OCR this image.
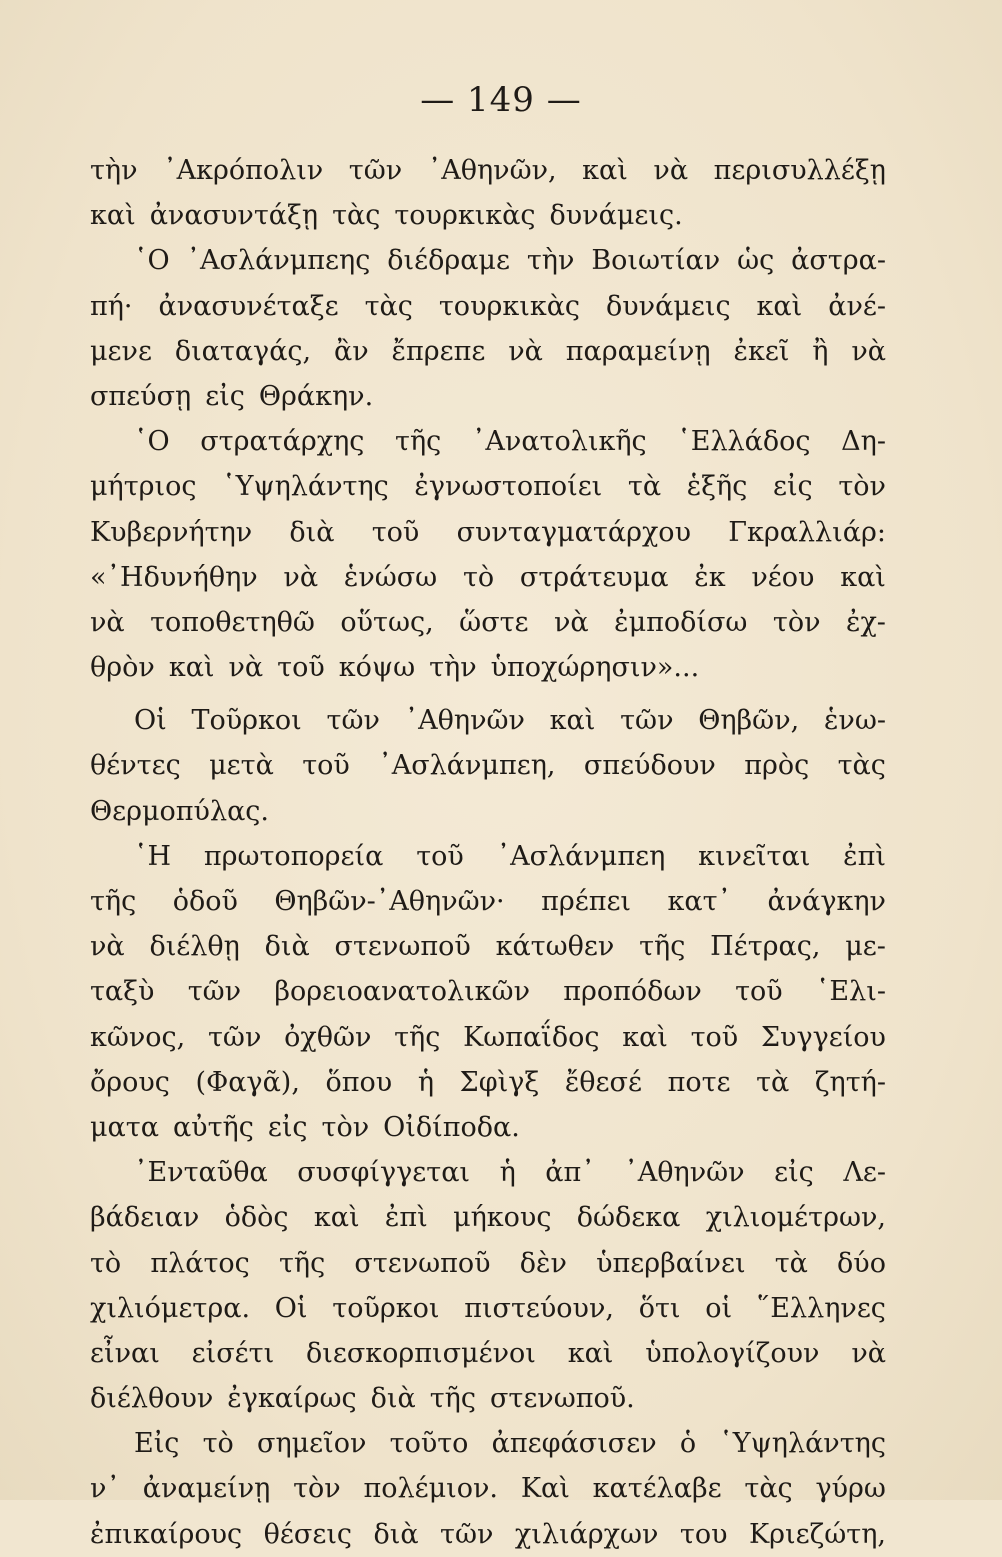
— 149 —
τὴν ᾿Ακρόπολιν τῶν ᾿Αθηνῶν, καὶ νὰ περισυλλέξῃ
καὶ ἀνασυντάξῃ τὰς τουρκικὰς δυνάμεις.
῾Ο ᾿Ασλάνμπεης διέδραμε τὴν Βοιωτίαν ὡς ἀστρα-
πή· ἀνασυνέταξε τὰς τουρκικὰς δυνάμεις καὶ ἀνέ-
μενε διαταγάς, ἂν ἔπρεπε νὰ παραμείνῃ ἐκεῖ ἢ νὰ
σπεύσῃ εἰς Θράκην.
῾Ο στρατάρχης τῆς ᾿Ανατολικῆς ῾Ελλάδος Δη-
μήτριος ῾Υψηλάντης ἐγνωστοποίει τὰ ἑξῆς εἰς τὸν
Κυβερνήτην διὰ τοῦ συνταγματάρχου Γκραλλιάρ:
«᾿Ηδυνήθην νὰ ἑνώσω τὸ στράτευμα ἐκ νέου καὶ
νὰ τοποθετηθῶ οὕτως, ὥστε νὰ ἐμποδίσω τὸν ἐχ-
θρὸν καὶ νὰ τοῦ κόψω τὴν ὑποχώρησιν»...
Οἱ Τοῦρκοι τῶν ᾿Αθηνῶν καὶ τῶν Θηβῶν, ἑνω-
θέντες μετὰ τοῦ ᾿Ασλάνμπεη, σπεύδουν πρὸς τὰς
Θερμοπύλας.
῾Η πρωτοπορεία τοῦ ᾿Ασλάνμπεη κινεῖται ἐπὶ
τῆς ὁδοῦ Θηβῶν-᾿Αθηνῶν· πρέπει κατ᾿ ἀνάγκην
νὰ διέλθῃ διὰ στενωποῦ κάτωθεν τῆς Πέτρας, με-
ταξὺ τῶν βορειοανατολικῶν προπόδων τοῦ ῾Ελι-
κῶνος, τῶν ὀχθῶν τῆς Κωπαΐδος καὶ τοῦ Συγγείου
ὄρους (Φαγᾶ), ὅπου ἡ Σφὶγξ ἔθεσέ ποτε τὰ ζητή-
ματα αὐτῆς εἰς τὸν Οἰδίποδα.
᾿Ενταῦθα συσφίγγεται ἡ ἀπ᾿ ᾿Αθηνῶν εἰς Λε-
βάδειαν ὁδὸς καὶ ἐπὶ μήκους δώδεκα χιλιομέτρων,
τὸ πλάτος τῆς στενωποῦ δὲν ὑπερβαίνει τὰ δύο
χιλιόμετρα. Οἱ τοῦρκοι πιστεύουν, ὅτι οἱ ῞Ελληνες
εἶναι εἰσέτι διεσκορπισμένοι καὶ ὑπολογίζουν νὰ
διέλθουν ἐγκαίρως διὰ τῆς στενωποῦ.
Εἰς τὸ σημεῖον τοῦτο ἀπεφάσισεν ὁ ῾Υψηλάντης
ν᾿ ἀναμείνῃ τὸν πολέμιον. Καὶ κατέλαβε τὰς γύρω
ἐπικαίρους θέσεις διὰ τῶν χιλιάρχων του Κριεζώτη,
